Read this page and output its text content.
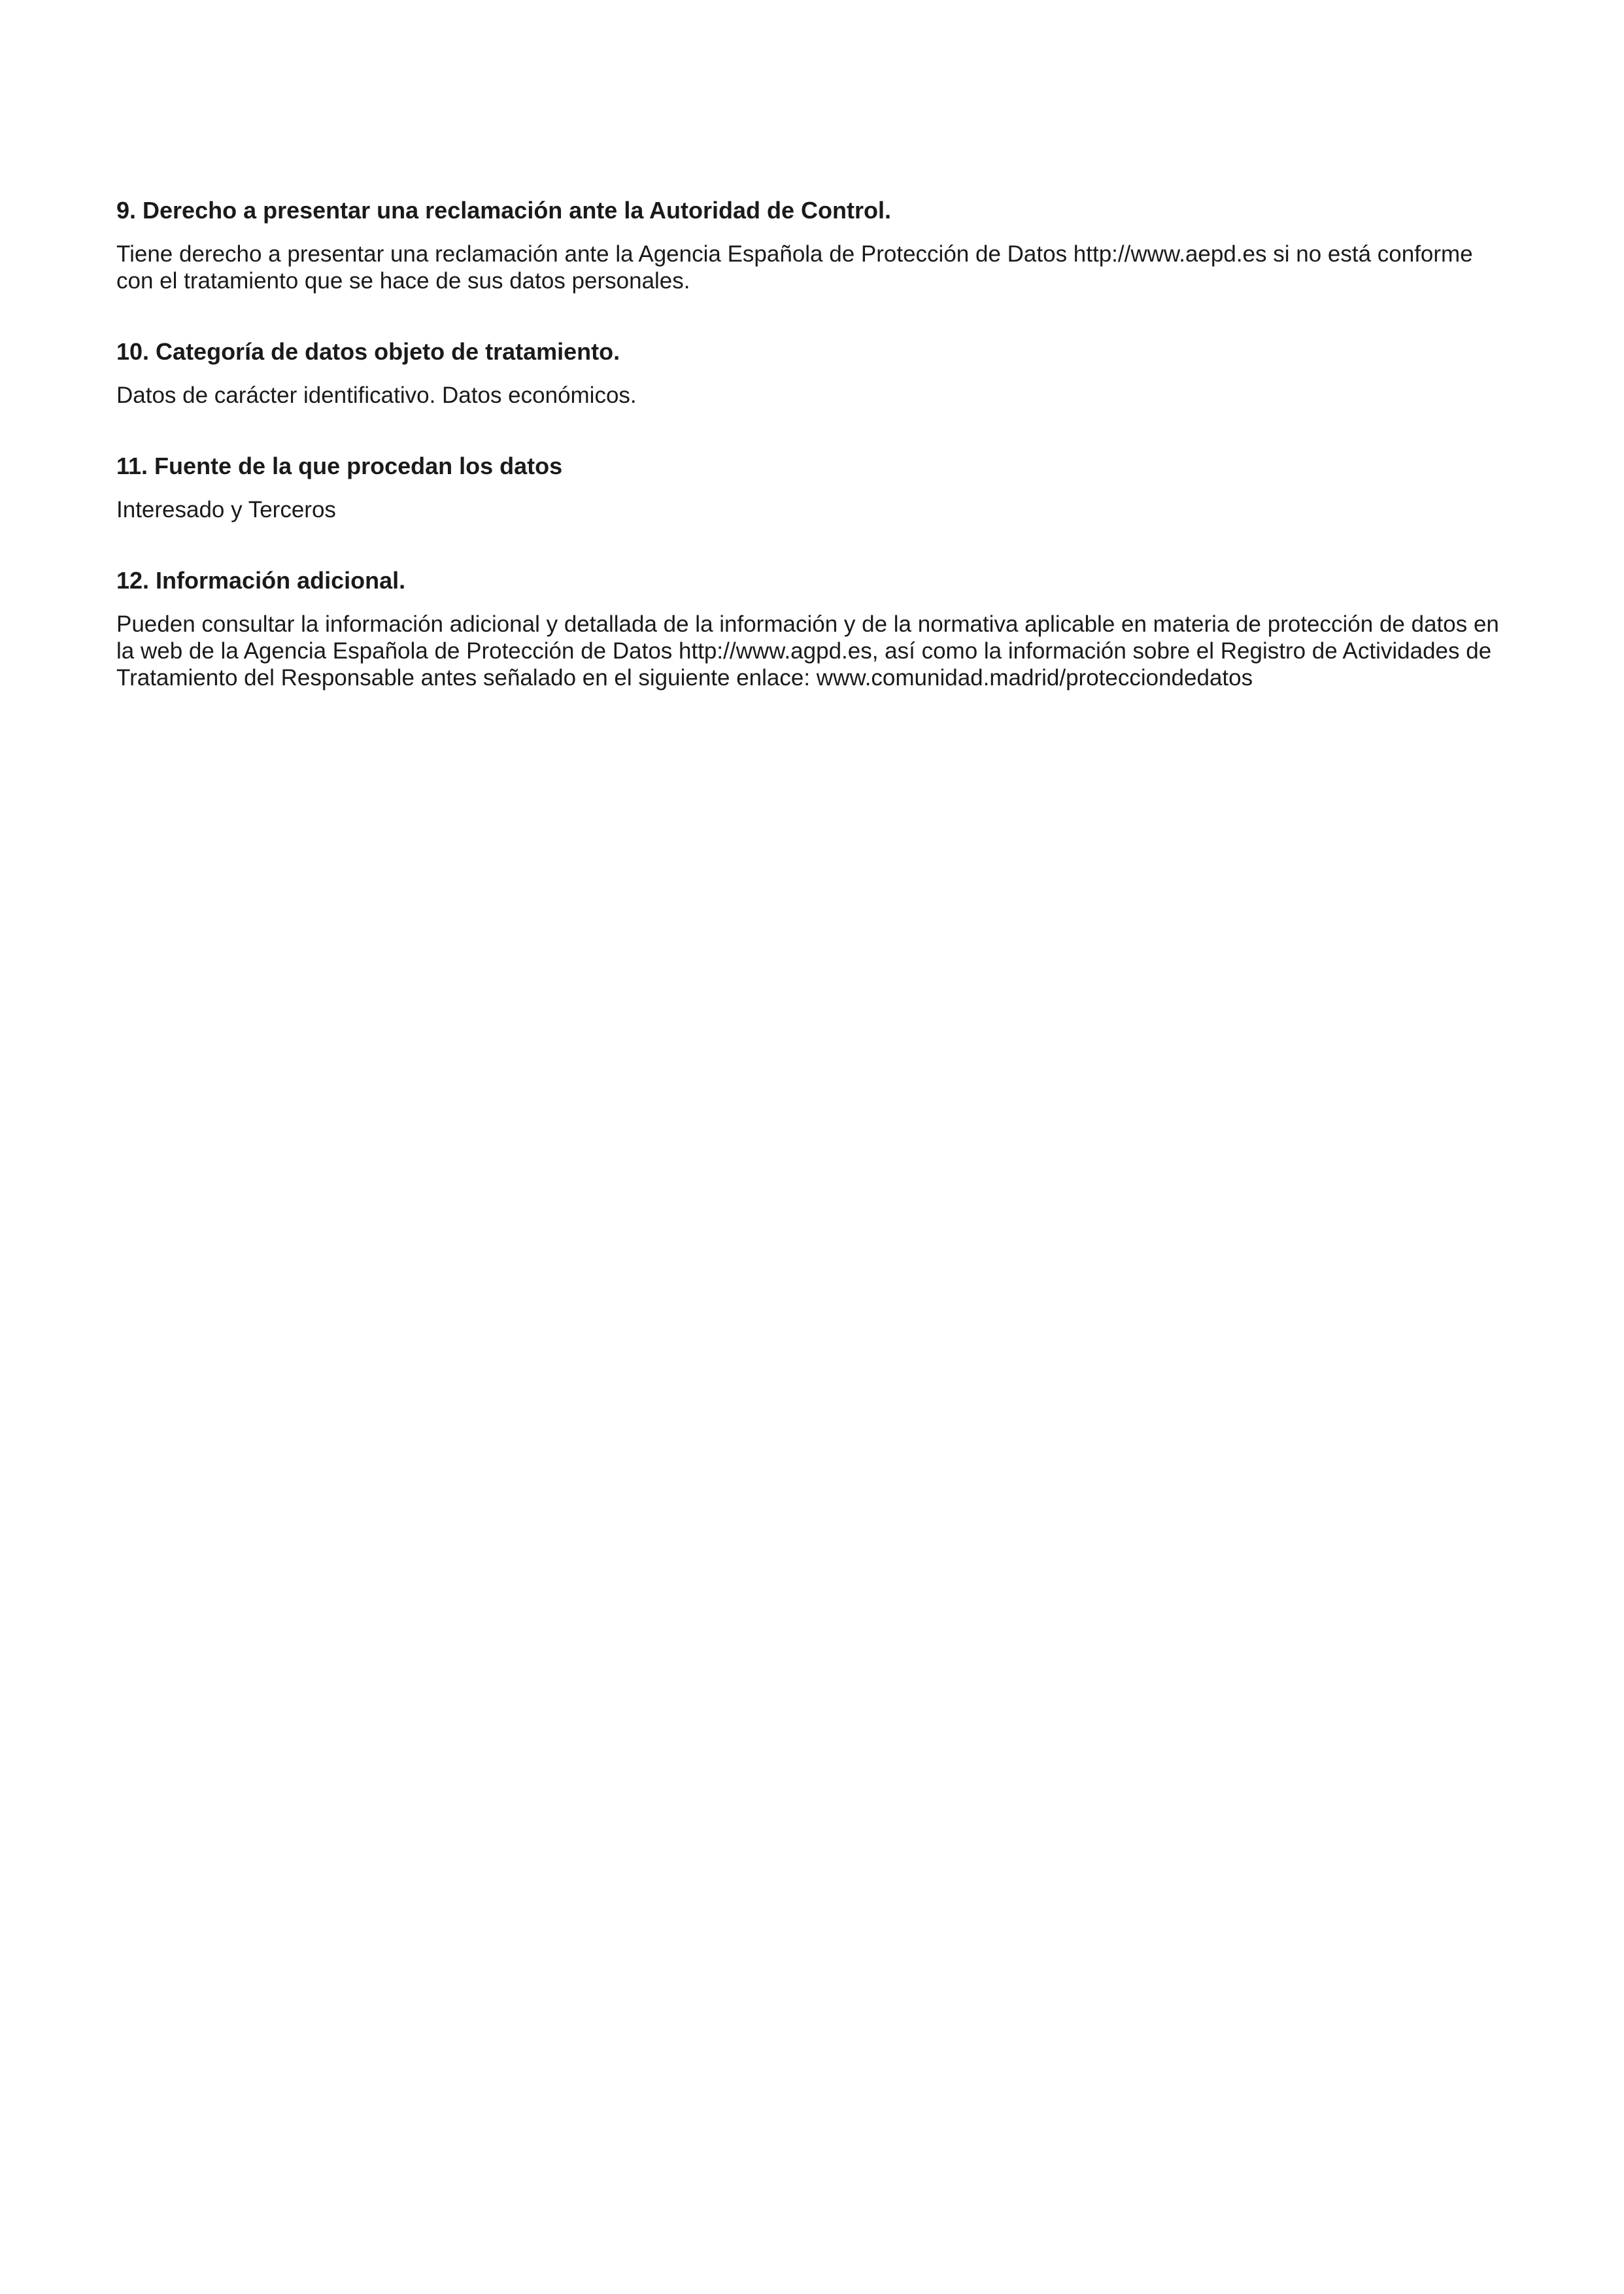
9. Derecho a presentar una reclamación ante la Autoridad de Control.

Tiene derecho a presentar una reclamación ante la Agencia Española de Protección de Datos http://www.aepd.es si no está conforme
con el tratamiento que se hace de sus datos personales.

10. Categoría de datos objeto de tratamiento.

Datos de carácter identificativo. Datos económicos.

11. Fuente de la que procedan los datos

Interesado y Terceros

12. Información adicional.

Pueden consultar la información adicional y detallada de la información y de la normativa aplicable en materia de protección de datos en
la web de la Agencia Española de Protección de Datos http://www.agpd.es, así como la información sobre el Registro de Actividades de
Tratamiento del Responsable antes señalado en el siguiente enlace: www.comunidad.madrid/protecciondedatos
